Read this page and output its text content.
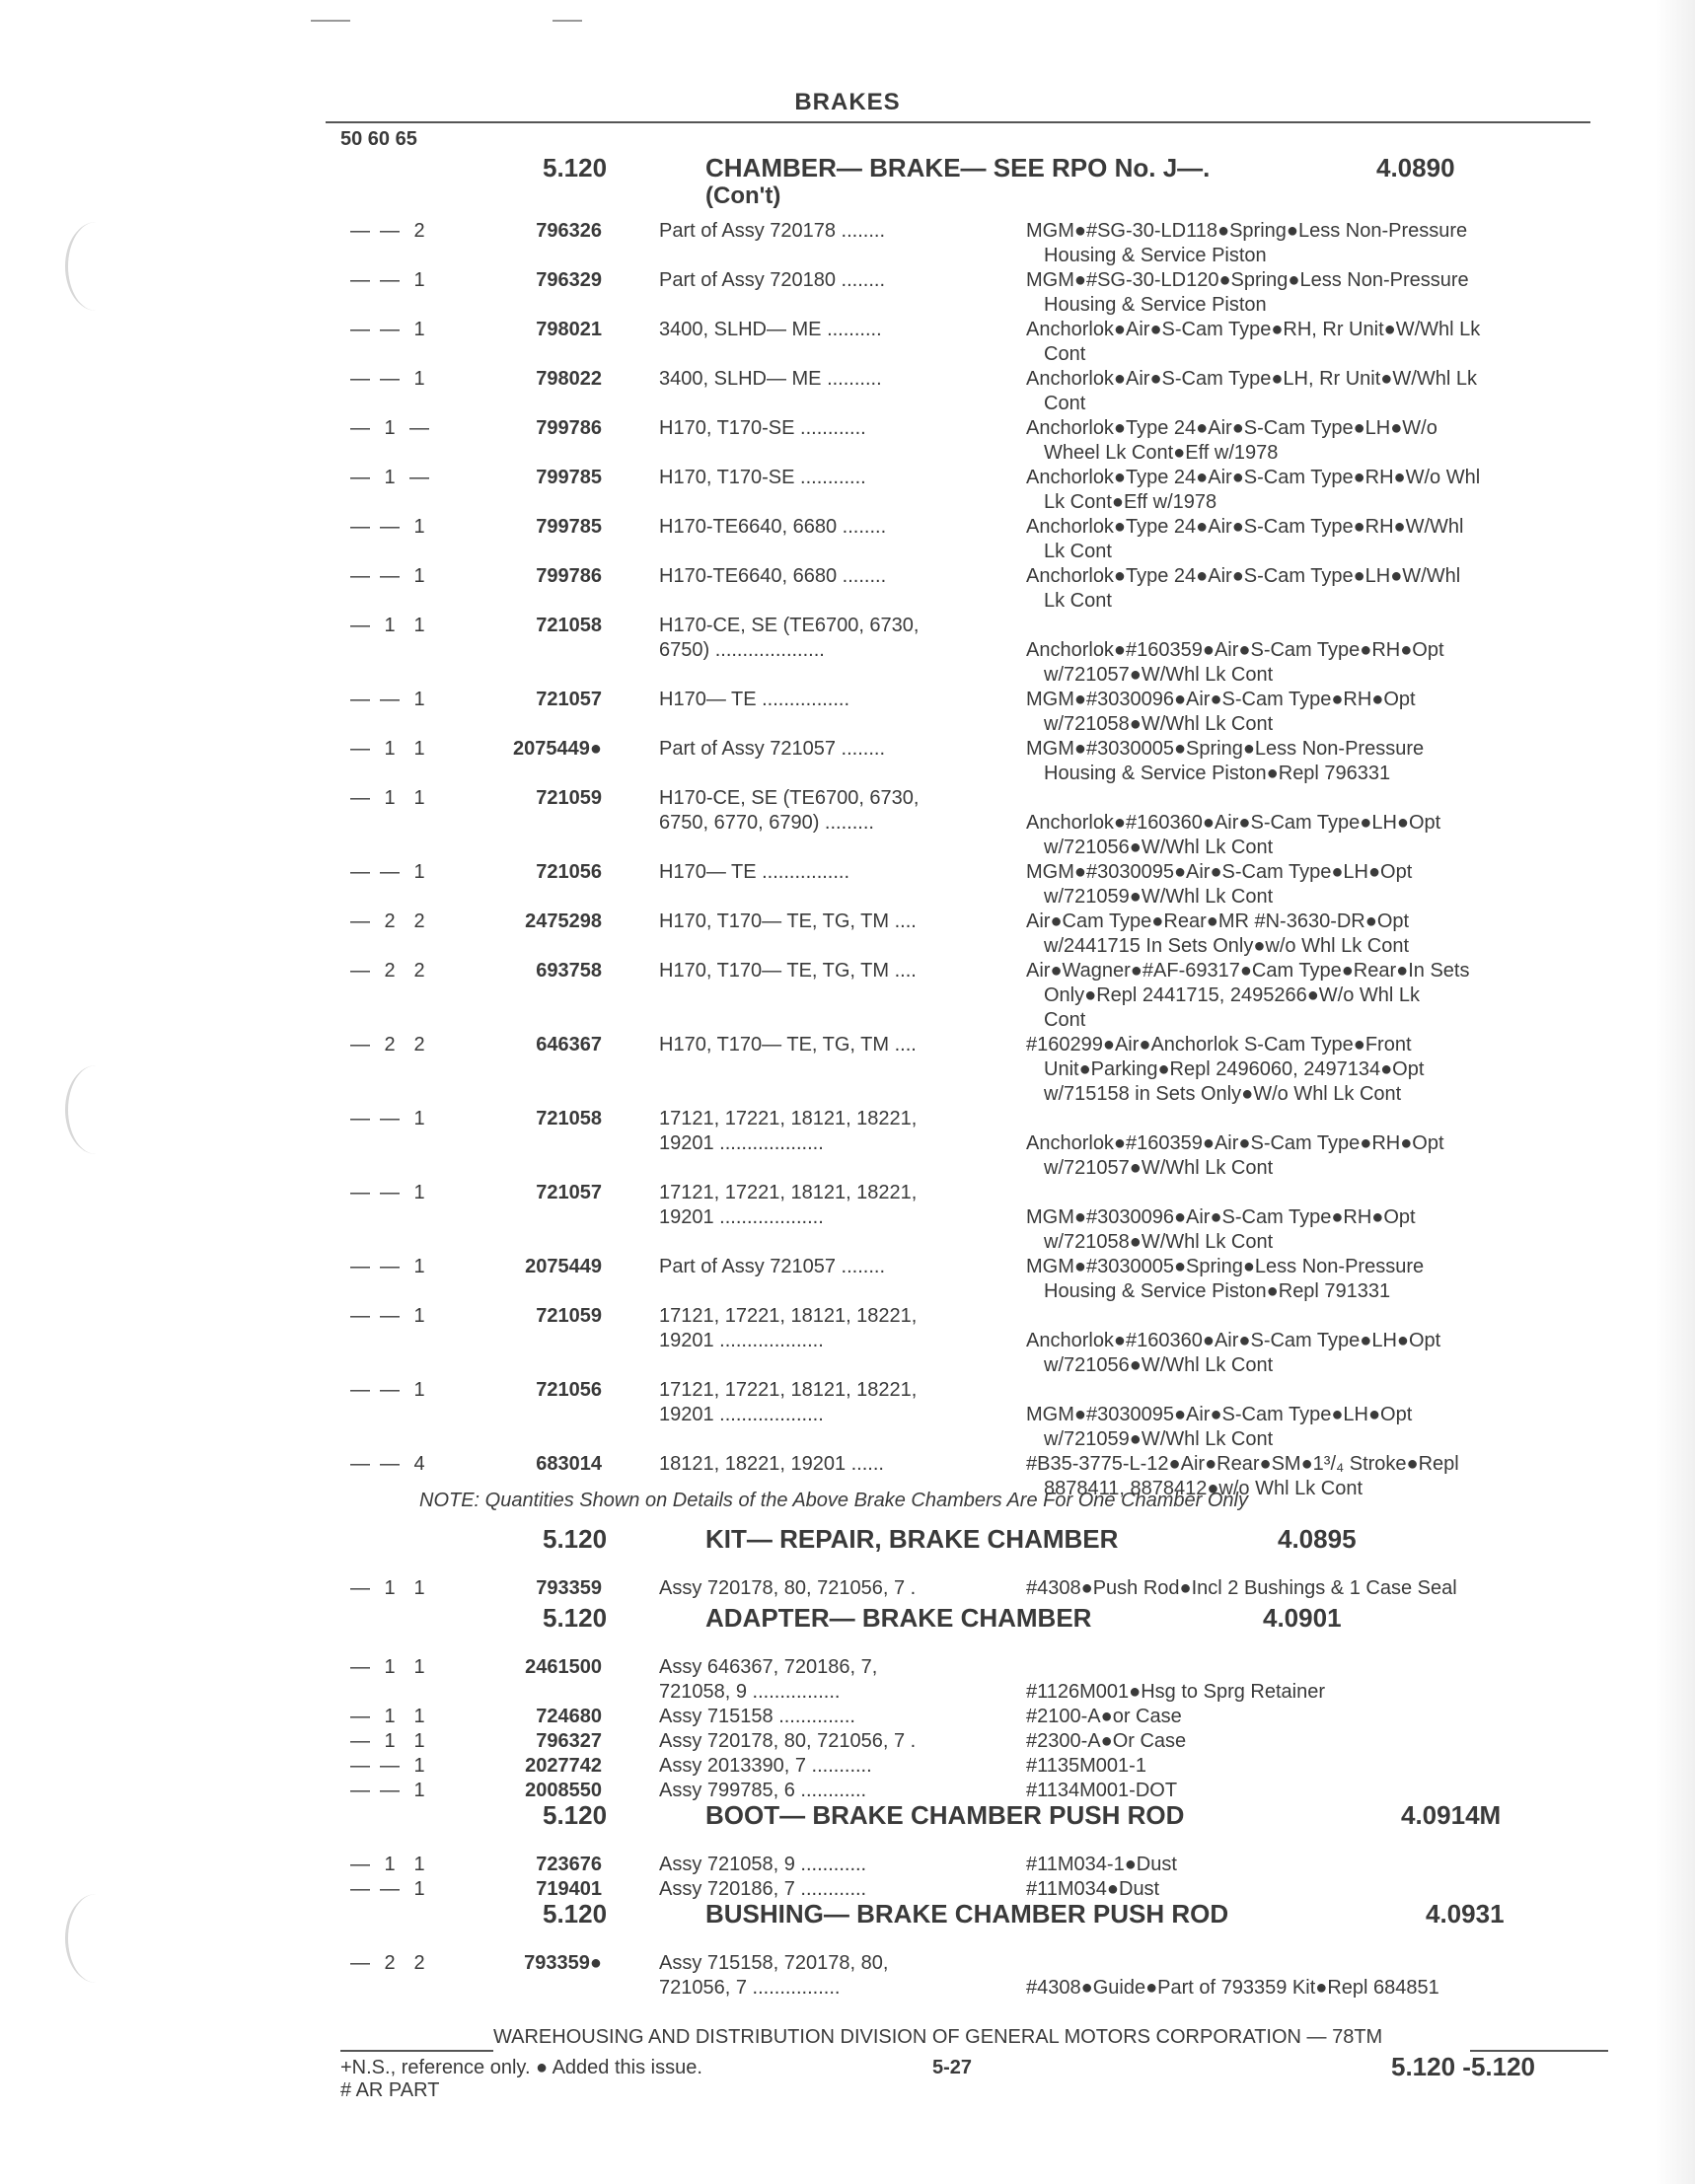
BRAKES
50 60 65
5.120	CHAMBER— BRAKE— SEE RPO No. J—.	4.0890
(Con't)
— — 2	796326	Part of Assy 720178 ........	MGM●#SG-30-LD118●Spring●Less Non-Pressure
Housing & Service Piston
— — 1	796329	Part of Assy 720180 ........	MGM●#SG-30-LD120●Spring●Less Non-Pressure
Housing & Service Piston
— — 1	798021	3400, SLHD— ME ..........	Anchorlok●Air●S-Cam Type●RH, Rr Unit●W/Whl Lk
Cont
— — 1	798022	3400, SLHD— ME ..........	Anchorlok●Air●S-Cam Type●LH, Rr Unit●W/Whl Lk
Cont
— 1 —	799786	H170, T170-SE ............	Anchorlok●Type 24●Air●S-Cam Type●LH●W/o
Wheel Lk Cont●Eff w/1978
— 1 —	799785	H170, T170-SE ............	Anchorlok●Type 24●Air●S-Cam Type●RH●W/o Whl
Lk Cont●Eff w/1978
— — 1	799785	H170-TE6640, 6680 ........	Anchorlok●Type 24●Air●S-Cam Type●RH●W/Whl
Lk Cont
— — 1	799786	H170-TE6640, 6680 ........	Anchorlok●Type 24●Air●S-Cam Type●LH●W/Whl
Lk Cont
— 1 1	721058	H170-CE, SE (TE6700, 6730,
6750) ....................
	Anchorlok●#160359●Air●S-Cam Type●RH●Opt
w/721057●W/Whl Lk Cont
— — 1	721057	H170— TE ................	MGM●#3030096●Air●S-Cam Type●RH●Opt
w/721058●W/Whl Lk Cont
— 1 1	2075449●	Part of Assy 721057 ........	MGM●#3030005●Spring●Less Non-Pressure
Housing & Service Piston●Repl 796331
— 1 1	721059	H170-CE, SE (TE6700, 6730,
6750, 6770, 6790) .........
	Anchorlok●#160360●Air●S-Cam Type●LH●Opt
w/721056●W/Whl Lk Cont
— — 1	721056	H170— TE ................	MGM●#3030095●Air●S-Cam Type●LH●Opt
w/721059●W/Whl Lk Cont
— 2 2	2475298	H170, T170— TE, TG, TM ....	Air●Cam Type●Rear●MR #N-3630-DR●Opt
w/2441715 In Sets Only●w/o Whl Lk Cont
— 2 2	693758	H170, T170— TE, TG, TM ....	Air●Wagner●#AF-69317●Cam Type●Rear●In Sets
Only●Repl 2441715, 2495266●W/o Whl Lk
Cont
— 2 2	646367	H170, T170— TE, TG, TM ....	#160299●Air●Anchorlok S-Cam Type●Front
Unit●Parking●Repl 2496060, 2497134●Opt
w/715158 in Sets Only●W/o Whl Lk Cont
— — 1	721058	17121, 17221, 18121, 18221,
19201 ...................
	Anchorlok●#160359●Air●S-Cam Type●RH●Opt
w/721057●W/Whl Lk Cont
— — 1	721057	17121, 17221, 18121, 18221,
19201 ...................
	MGM●#3030096●Air●S-Cam Type●RH●Opt
w/721058●W/Whl Lk Cont
— — 1	2075449	Part of Assy 721057 ........	MGM●#3030005●Spring●Less Non-Pressure
Housing & Service Piston●Repl 791331
— — 1	721059	17121, 17221, 18121, 18221,
19201 ...................
	Anchorlok●#160360●Air●S-Cam Type●LH●Opt
w/721056●W/Whl Lk Cont
— — 1	721056	17121, 17221, 18121, 18221,
19201 ...................
	MGM●#3030095●Air●S-Cam Type●LH●Opt
w/721059●W/Whl Lk Cont
— — 4	683014	18121, 18221, 19201 ......	#B35-3775-L-12●Air●Rear●SM●1³/₄ Stroke●Repl
8878411, 8878412●w/o Whl Lk Cont
5.120	KIT— REPAIR, BRAKE CHAMBER	4.0895
— 1 1	793359	Assy 720178, 80, 721056, 7 .	#4308●Push Rod●Incl 2 Bushings & 1 Case Seal
5.120	ADAPTER— BRAKE CHAMBER	4.0901
— 1 1	2461500	Assy 646367, 720186, 7,
721058, 9 ................
	#1126M001●Hsg to Sprg Retainer
— 1 1	724680	Assy 715158 ..............	#2100-A●or Case
— 1 1	796327	Assy 720178, 80, 721056, 7 .	#2300-A●Or Case
— — 1	2027742	Assy 2013390, 7 ...........	#1135M001-1
— — 1	2008550	Assy 799785, 6 ............	#1134M001-DOT
5.120	BOOT— BRAKE CHAMBER PUSH ROD	4.0914M
— 1 1	723676	Assy 721058, 9 ............	#11M034-1●Dust
— — 1	719401	Assy 720186, 7 ............	#11M034●Dust
5.120	BUSHING— BRAKE CHAMBER PUSH ROD	4.0931
— 2 2	793359●	Assy 715158, 720178, 80,
721056, 7 ................
	#4308●Guide●Part of 793359 Kit●Repl 684851
NOTE: Quantities Shown on Details of the Above Brake Chambers Are For One Chamber Only
WAREHOUSING AND DISTRIBUTION DIVISION OF GENERAL MOTORS CORPORATION — 78TM
+N.S., reference only. ● Added this issue.
# AR PART
5-27	5.120 -5.120
